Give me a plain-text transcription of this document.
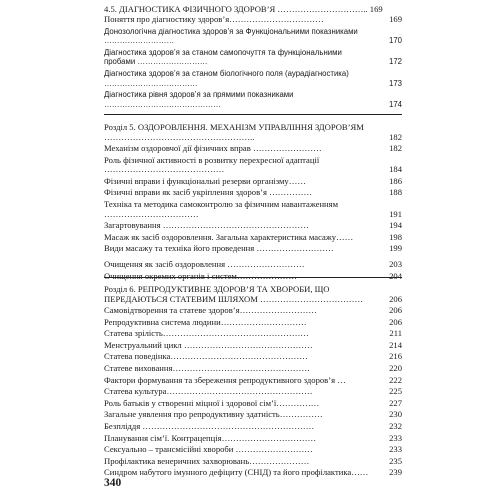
4.5. ДІАГНОСТИКА ФІЗИЧНОГО ЗДОРОВ’Я ………………………….. 169
Поняття про діагностику здоров’я……………………………	169
Донозологічна діагностика здоров’я за Функціональними показниками ………………………	170
Діагностика здоров’я за станом самопочуття та функціональними пробами ………………………	172
Діагностика здоров’я за станом біологічного поля (аурадіагностика) ………………………………	173
Діагностика рівня здоров’я за прямими показниками ………………………………………	174
Розділ 5. ОЗДОРОВЛЕННЯ. МЕХАНІЗМ УПРАВЛІННЯ ЗДОРОВ’ЯМ ……………………………………………..	182
Механізм оздоровчої дії фізичних вправ ……………………	182
Роль фізичної активності в розвитку перехресної адаптації ……………………………………	184
Фізичні вправи і функціональні резерви організму……	186
Фізичні вправи як засіб укріплення здоров’я ……………	188
Техніка та методика самоконтролю за фізичним навантаженням ……………………………	191
Загартовування ……………………………………………	194
Масаж як засіб оздоровлення. Загальна характеристика масажу……	198
Види масажу та техніка його проведення ………………………	199
Очищення як засіб оздоровлення ………………………	203
Очищення окремих органів і систем…………………	204
Розділ 6. РЕПРОДУКТИВНЕ ЗДОРОВ’Я ТА ХВОРОБИ, ЩО ПЕРЕДАЮТЬСЯ СТАТЕВИМ ШЛЯХОМ ………………………………	206
Самовідтворення та статеве здоров’я………………………	206
Репродуктивна система людини…………………………	206
Статева зрілість……………………………………………	211
Менструальний цикл ………………………………………	214
Статева поведінка…………………………………………	216
Статеве виховання…………………………………………	220
Фактори формування та збереження репродуктивного здоров’я …	222
Статева культура……………………………………………	225
Роль батьків у створенні міцної і здорової сім’ї……………	227
Загальне уявлення про репродуктивну здатність……………	230
Безпліддя ……………………………………………………	232
Планування сім’ї. Контрацепція……………………………	233
Сексуально – трансмісійні хвороби ………………………	233
Профілактика венеричних захворювань…………………	235
Синдром набутого імунного дефіциту (СНІД) та його профілактика……	239
340
